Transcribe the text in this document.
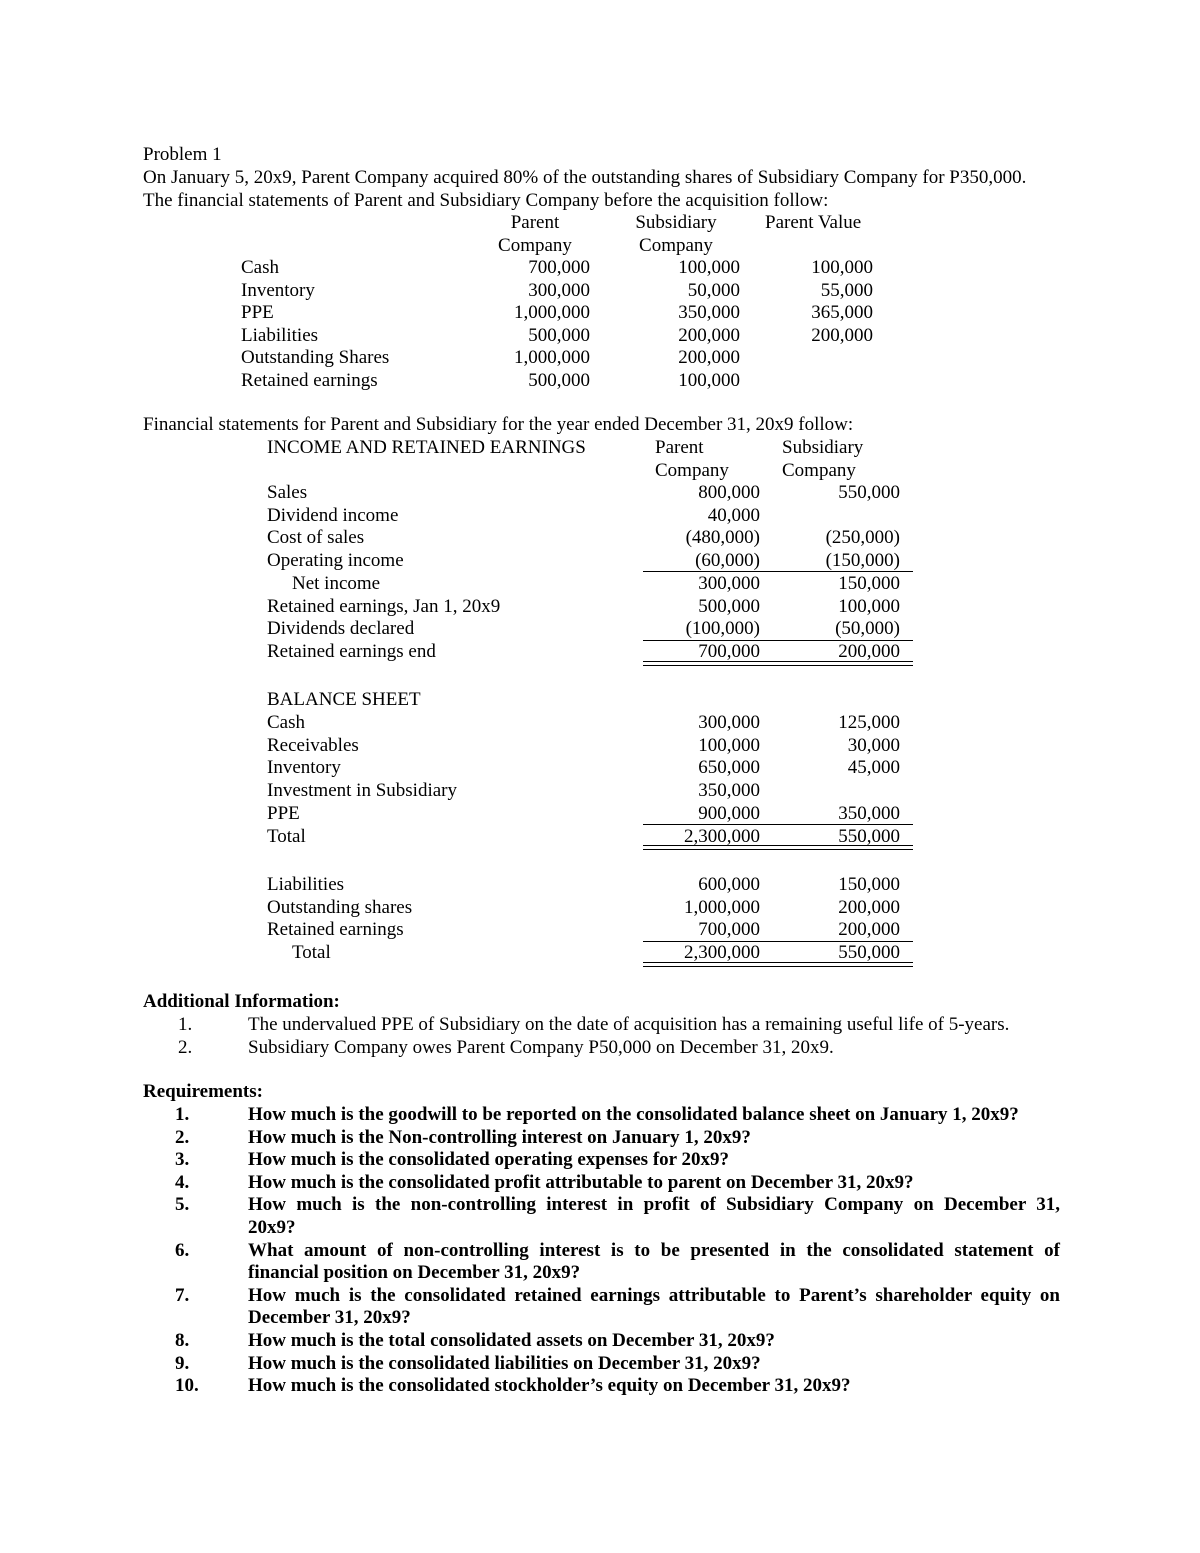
Problem 1
On January 5, 20x9, Parent Company acquired 80% of the outstanding shares of Subsidiary Company for P350,000.
The financial statements of Parent and Subsidiary Company before the acquisition follow:
Parent
Company
Subsidiary
Company
Parent Value
Cash	700,000	100,000	100,000
Inventory	300,000	50,000	55,000
PPE	1,000,000	350,000	365,000
Liabilities	500,000	200,000	200,000
Outstanding Shares	1,000,000	200,000
Retained earnings	500,000	100,000
Financial statements for Parent and Subsidiary for the year ended December 31, 20x9 follow:
INCOME AND RETAINED EARNINGS	Parent
Company
Subsidiary
Company
Sales	800,000	550,000
Dividend income	40,000
Cost of sales	(480,000)	(250,000)
Operating income	(60,000)	(150,000)
Net income	300,000	150,000
Retained earnings, Jan 1, 20x9	500,000	100,000
Dividends declared	(100,000)	(50,000)
Retained earnings end	700,000	200,000
BALANCE SHEET
Cash	300,000	125,000
Receivables	100,000	30,000
Inventory	650,000	45,000
Investment in Subsidiary	350,000
PPE	900,000	350,000
Total	2,300,000	550,000
Liabilities	600,000	150,000
Outstanding shares	1,000,000	200,000
Retained earnings	700,000	200,000
Total	2,300,000	550,000
Additional Information:
1.	The undervalued PPE of Subsidiary on the date of acquisition has a remaining useful life of 5-years.
2.	Subsidiary Company owes Parent Company P50,000 on December 31, 20x9.
Requirements:
1.	How much is the goodwill to be reported on the consolidated balance sheet on January 1, 20x9?
2.	How much is the Non-controlling interest on January 1, 20x9?
3.	How much is the consolidated operating expenses for 20x9?
4.	How much is the consolidated profit attributable to parent on December 31, 20x9?
5.	How much is the non-controlling interest in profit of Subsidiary Company on December 31,
20x9?
6.	What amount of non-controlling interest is to be presented in the consolidated statement of
financial position on December 31, 20x9?
7.	How much is the consolidated retained earnings attributable to Parent’s shareholder equity on
December 31, 20x9?
8.	How much is the total consolidated assets on December 31, 20x9?
9.	How much is the consolidated liabilities on December 31, 20x9?
10.	How much is the consolidated stockholder’s equity on December 31, 20x9?
